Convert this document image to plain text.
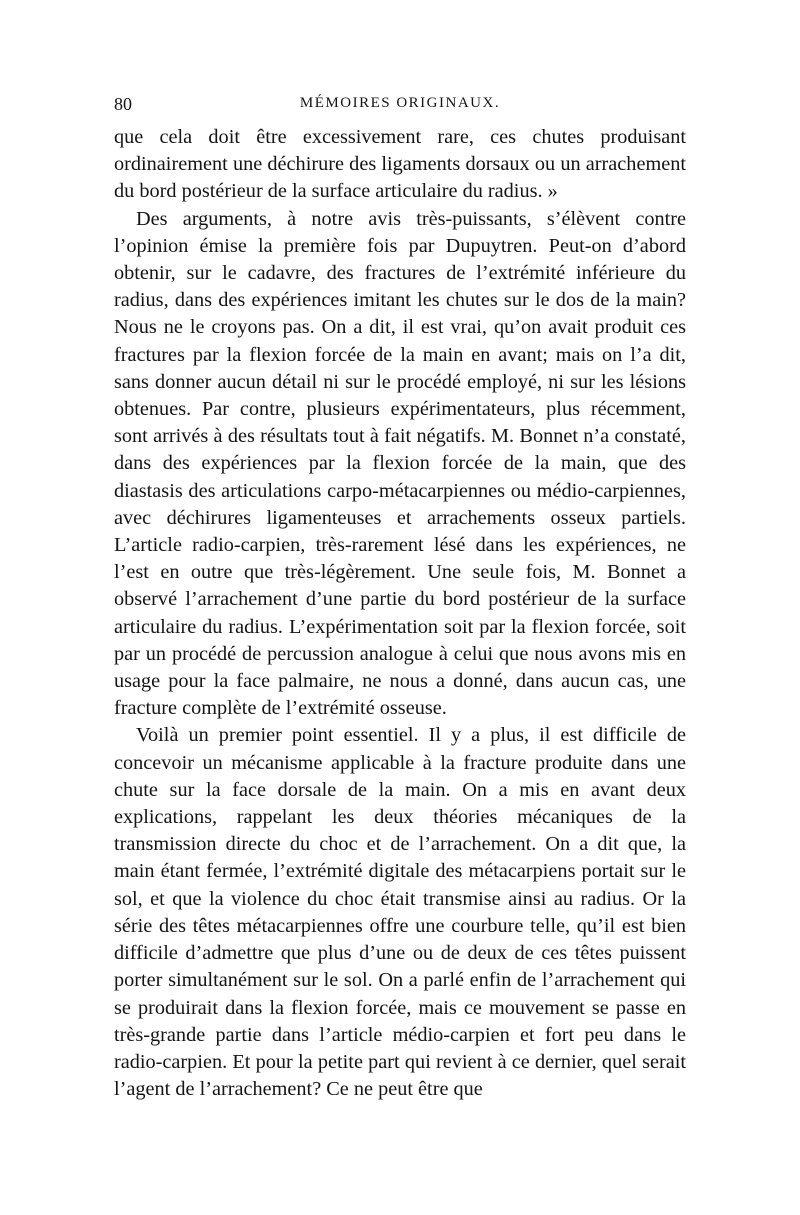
80	MÉMOIRES ORIGINAUX.

que cela doit être excessivement rare, ces chutes produisant ordinairement une déchirure des ligaments dorsaux ou un arrachement du bord postérieur de la surface articulaire du radius. »

Des arguments, à notre avis très-puissants, s’élèvent contre l’opinion émise la première fois par Dupuytren. Peut-on d’abord obtenir, sur le cadavre, des fractures de l’extrémité inférieure du radius, dans des expériences imitant les chutes sur le dos de la main? Nous ne le croyons pas. On a dit, il est vrai, qu’on avait produit ces fractures par la flexion forcée de la main en avant; mais on l’a dit, sans donner aucun détail ni sur le procédé employé, ni sur les lésions obtenues. Par contre, plusieurs expérimentateurs, plus récemment, sont arrivés à des résultats tout à fait négatifs. M. Bonnet n’a constaté, dans des expériences par la flexion forcée de la main, que des diastasis des articulations carpo-métacarpiennes ou médio-carpiennes, avec déchirures ligamenteuses et arrachements osseux partiels. L’article radio-carpien, très-rarement lésé dans les expériences, ne l’est en outre que très-légèrement. Une seule fois, M. Bonnet a observé l’arrachement d’une partie du bord postérieur de la surface articulaire du radius. L’expérimentation soit par la flexion forcée, soit par un procédé de percussion analogue à celui que nous avons mis en usage pour la face palmaire, ne nous a donné, dans aucun cas, une fracture complète de l’extrémité osseuse.

Voilà un premier point essentiel. Il y a plus, il est difficile de concevoir un mécanisme applicable à la fracture produite dans une chute sur la face dorsale de la main. On a mis en avant deux explications, rappelant les deux théories mécaniques de la transmission directe du choc et de l’arrachement. On a dit que, la main étant fermée, l’extrémité digitale des métacarpiens portait sur le sol, et que la violence du choc était transmise ainsi au radius. Or la série des têtes métacarpiennes offre une courbure telle, qu’il est bien difficile d’admettre que plus d’une ou de deux de ces têtes puissent porter simultanément sur le sol. On a parlé enfin de l’arrachement qui se produirait dans la flexion forcée, mais ce mouvement se passe en très-grande partie dans l’article médio-carpien et fort peu dans le radio-carpien. Et pour la petite part qui revient à ce dernier, quel serait l’agent de l’arrachement? Ce ne peut être que
